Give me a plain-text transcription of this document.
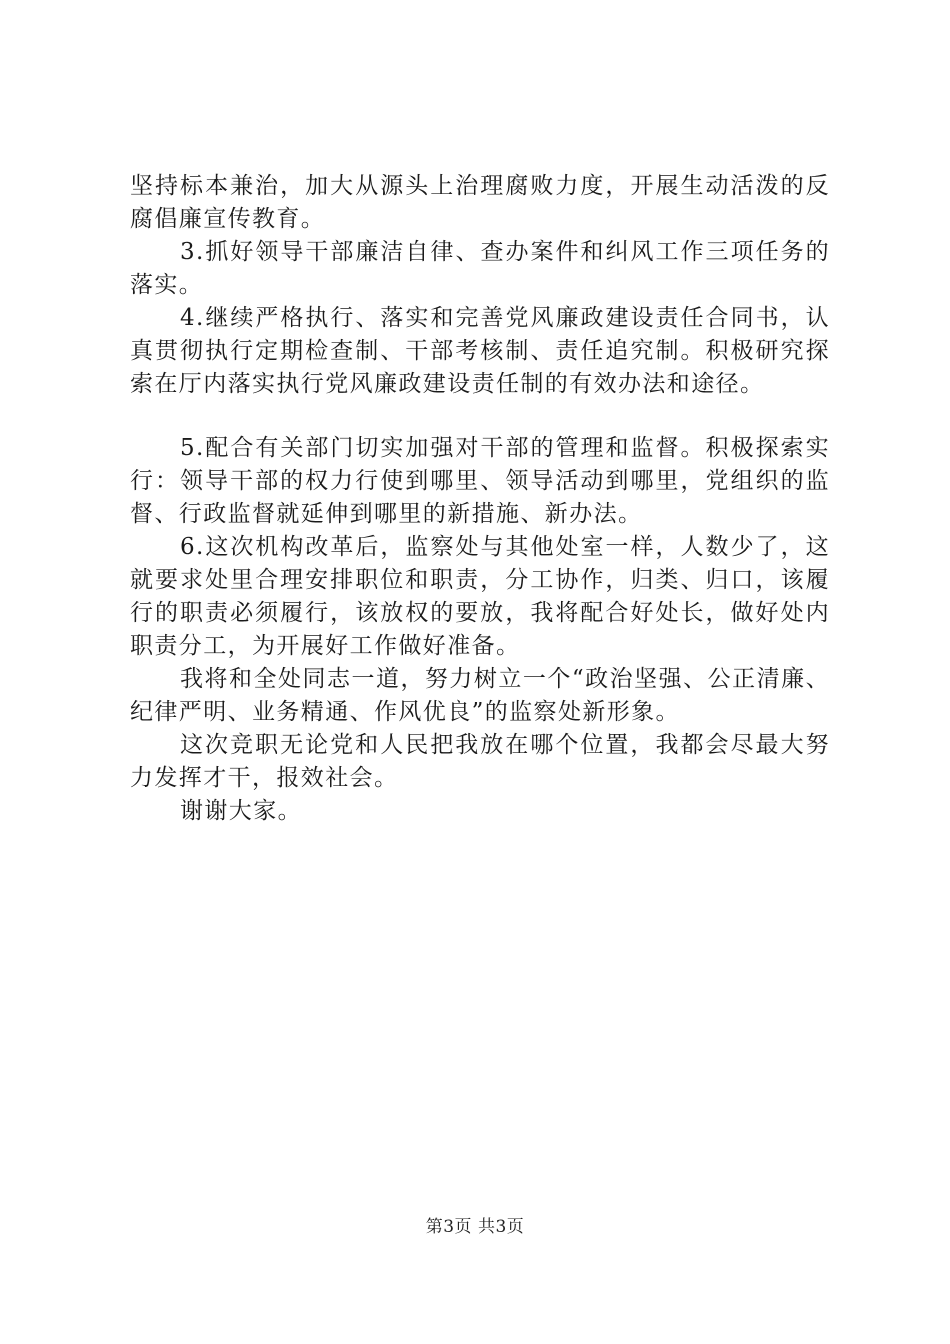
坚持标本兼治，加大从源头上治理腐败力度，开展生动活泼的反腐倡廉宣传教育。

3.抓好领导干部廉洁自律、查办案件和纠风工作三项任务的落实。

4.继续严格执行、落实和完善党风廉政建设责任合同书，认真贯彻执行定期检查制、干部考核制、责任追究制。积极研究探索在厅内落实执行党风廉政建设责任制的有效办法和途径。

5.配合有关部门切实加强对干部的管理和监督。积极探索实行：领导干部的权力行使到哪里、领导活动到哪里，党组织的监督、行政监督就延伸到哪里的新措施、新办法。

6.这次机构改革后，监察处与其他处室一样，人数少了，这就要求处里合理安排职位和职责，分工协作，归类、归口，该履行的职责必须履行，该放权的要放，我将配合好处长，做好处内职责分工，为开展好工作做好准备。

我将和全处同志一道，努力树立一个“政治坚强、公正清廉、纪律严明、业务精通、作风优良”的监察处新形象。

这次竞职无论党和人民把我放在哪个位置，我都会尽最大努力发挥才干，报效社会。

谢谢大家。

第3页 共3页
